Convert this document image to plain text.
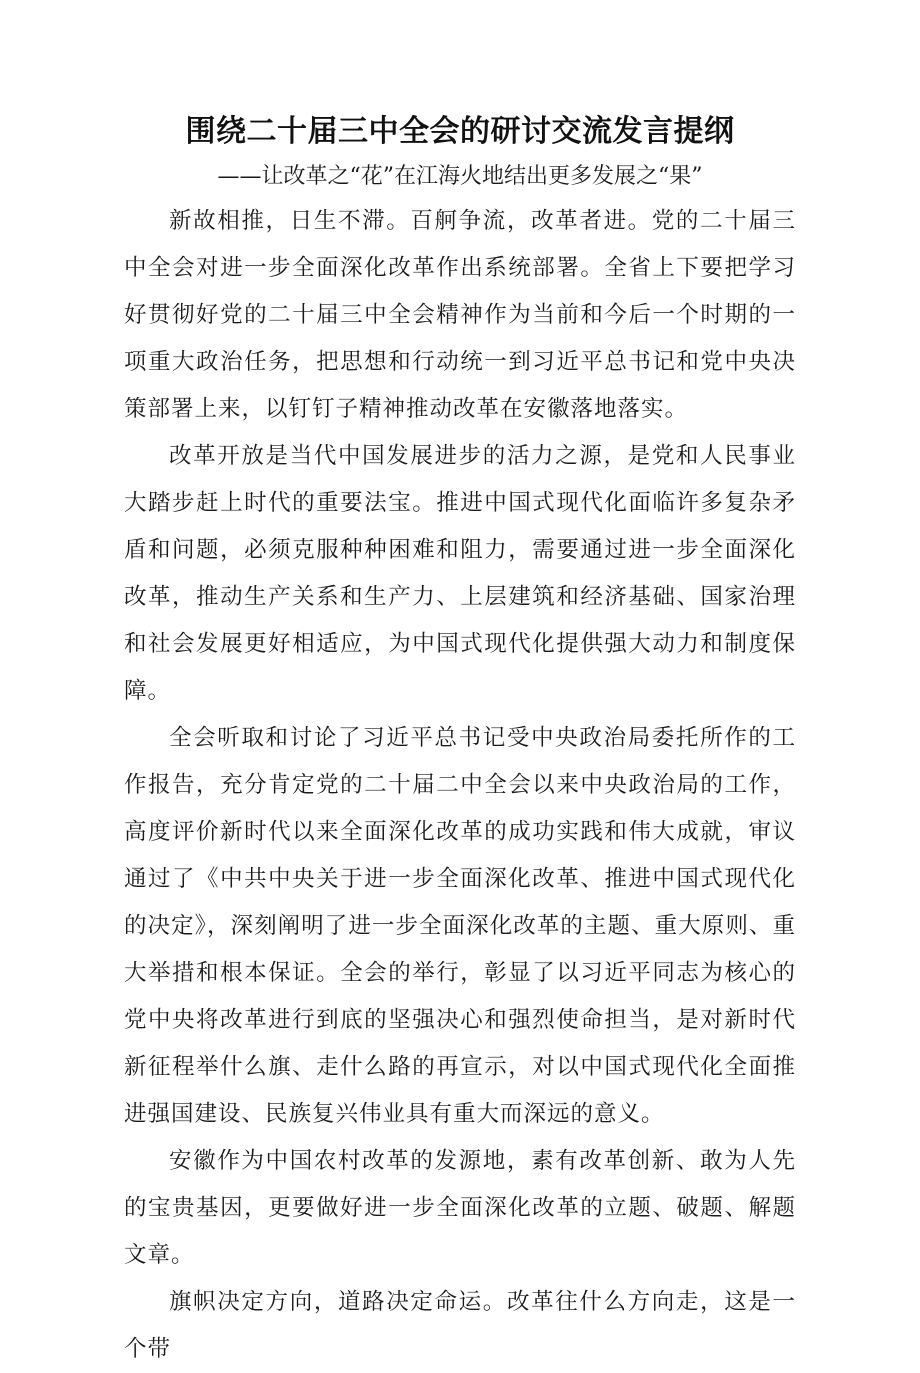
围绕二十届三中全会的研讨交流发言提纲
——让改革之“花”在江海火地结出更多发展之“果”

新故相推，日生不滞。百舸争流，改革者进。党的二十届三中全会对进一步全面深化改革作出系统部署。全省上下要把学习好贯彻好党的二十届三中全会精神作为当前和今后一个时期的一项重大政治任务，把思想和行动统一到习近平总书记和党中央决策部署上来，以钉钉子精神推动改革在安徽落地落实。

改革开放是当代中国发展进步的活力之源，是党和人民事业大踏步赶上时代的重要法宝。推进中国式现代化面临许多复杂矛盾和问题，必须克服种种困难和阻力，需要通过进一步全面深化改革，推动生产关系和生产力、上层建筑和经济基础、国家治理和社会发展更好相适应，为中国式现代化提供强大动力和制度保障。

全会听取和讨论了习近平总书记受中央政治局委托所作的工作报告，充分肯定党的二十届二中全会以来中央政治局的工作，高度评价新时代以来全面深化改革的成功实践和伟大成就，审议通过了《中共中央关于进一步全面深化改革、推进中国式现代化的决定》，深刻阐明了进一步全面深化改革的主题、重大原则、重大举措和根本保证。全会的举行，彰显了以习近平同志为核心的党中央将改革进行到底的坚强决心和强烈使命担当，是对新时代新征程举什么旗、走什么路的再宣示，对以中国式现代化全面推进强国建设、民族复兴伟业具有重大而深远的意义。

安徽作为中国农村改革的发源地，素有改革创新、敢为人先的宝贵基因，更要做好进一步全面深化改革的立题、破题、解题文章。

旗帜决定方向，道路决定命运。改革往什么方向走，这是一个带
